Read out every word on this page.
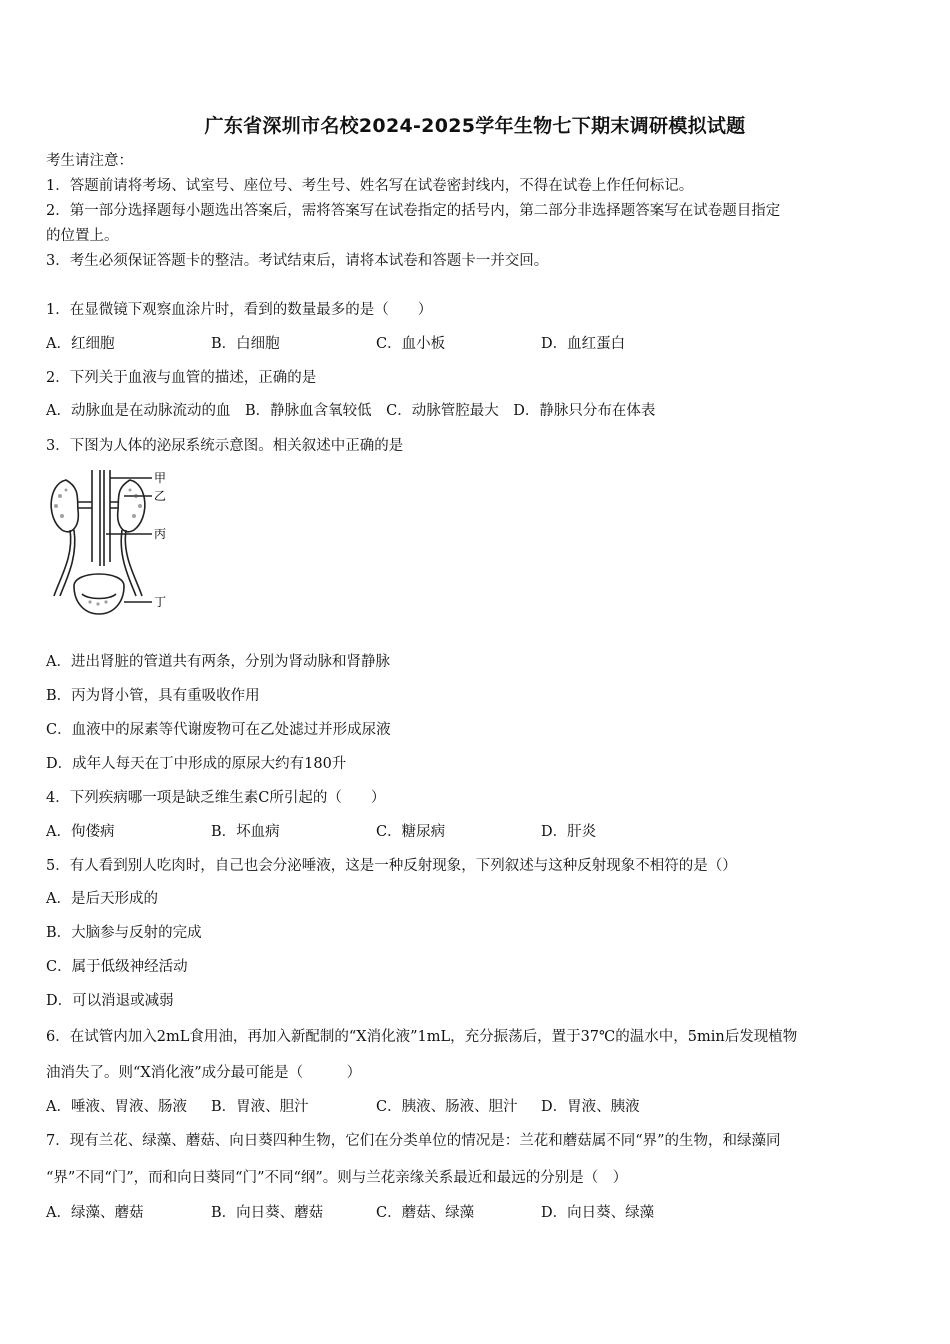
广东省深圳市名校2024-2025学年生物七下期末调研模拟试题
考生请注意：
1．答题前请将考场、试室号、座位号、考生号、姓名写在试卷密封线内，不得在试卷上作任何标记。
2．第一部分选择题每小题选出答案后，需将答案写在试卷指定的括号内，第二部分非选择题答案写在试卷题目指定
的位置上。
3．考生必须保证答题卡的整洁。考试结束后，请将本试卷和答题卡一并交回。
1．在显微镜下观察血涂片时，看到的数量最多的是（　　）
A．红细胞	B．白细胞	C．血小板	D．血红蛋白
2．下列关于血液与血管的描述，正确的是
A．动脉血是在动脉流动的血　B．静脉血含氧较低　C．动脉管腔最大　D．静脉只分布在体表
3．下图为人体的泌尿系统示意图。相关叙述中正确的是
甲
乙
丙
丁
A．进出肾脏的管道共有两条，分别为肾动脉和肾静脉
B．丙为肾小管，具有重吸收作用
C．血液中的尿素等代谢废物可在乙处滤过并形成尿液
D．成年人每天在丁中形成的原尿大约有180升
4．下列疾病哪一项是缺乏维生素C所引起的（　　）
A．佝偻病	B．坏血病	C．糖尿病	D．肝炎
5．有人看到别人吃肉时，自己也会分泌唾液，这是一种反射现象，下列叙述与这种反射现象不相符的是（）
A．是后天形成的
B．大脑参与反射的完成
C．属于低级神经活动
D．可以消退或减弱
6．在试管内加入2mL食用油，再加入新配制的“X消化液”1mL，充分振荡后，置于37℃的温水中，5min后发现植物
油消失了。则“X消化液”成分最可能是（　　　）
A．唾液、胃液、肠液 B．胃液、胆汁	C．胰液、肠液、胆汁 D．胃液、胰液
7．现有兰花、绿藻、蘑菇、向日葵四种生物，它们在分类单位的情况是：兰花和蘑菇属不同“界”的生物，和绿藻同
“界”不同“门”，而和向日葵同“门”不同“纲”。则与兰花亲缘关系最近和最远的分别是（　）
A．绿藻、蘑菇	B．向日葵、蘑菇	C．蘑菇、绿藻	D．向日葵、绿藻
